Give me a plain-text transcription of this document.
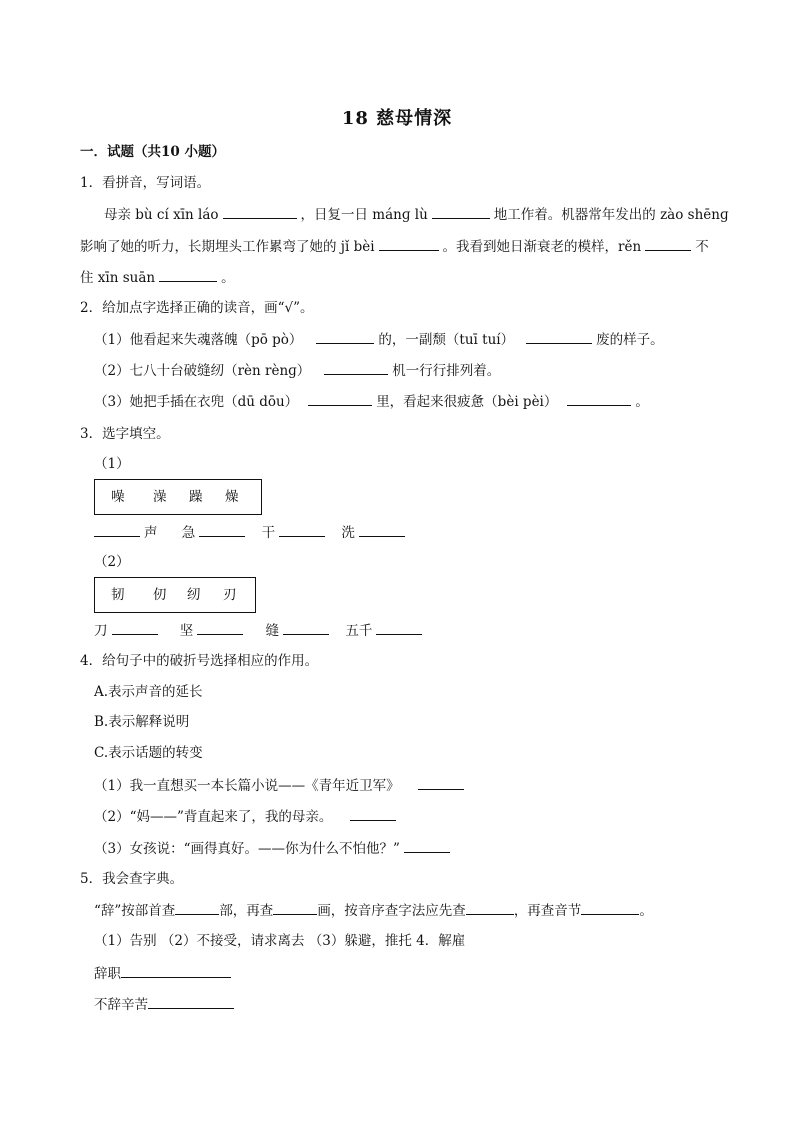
18 慈母情深
一．试题（共10 小题）
1．看拼音，写词语。
母亲 bù cí xīn láo	，日复一日 mánɡ lù	地工作着。机器常年发出的 zào shēnɡ
影响了她的听力，长期埋头工作累弯了她的 jǐ bèi	。我看到她日渐衰老的模样，rěn	不
住 xīn suān	。
2．给加点字选择正确的读音，画“√”。
（1）他看起来失魂落魄（pō pò）	的，一副颓（tuī tuí）	废的样子。
（2）七八十台破缝纫（rèn rènɡ）	机一行行排列着。
（3）她把手插在衣兜（dū dōu）	里，看起来很疲惫（bèi pèi）	。
3．选字填空。
（1）
噪 澡 躁 燥
声 急	干	洗
（2）
韧 仞 纫 刃
刀	坚	缝	五千
4．给句子中的破折号选择相应的作用。
A.表示声音的延长
B.表示解释说明
C.表示话题的转变
（1）我一直想买一本长篇小说——《青年近卫军》
（2）“妈——”背直起来了，我的母亲。
（3）女孩说：“画得真好。——你为什么不怕他？”
5．我会查字典。
“辞”按部首查	部，再查	画，按音序查字法应先查	，再查音节	。
（1）告别 （2）不接受，请求离去 （3）躲避，推托 4．解雇
辞职
不辞辛苦
